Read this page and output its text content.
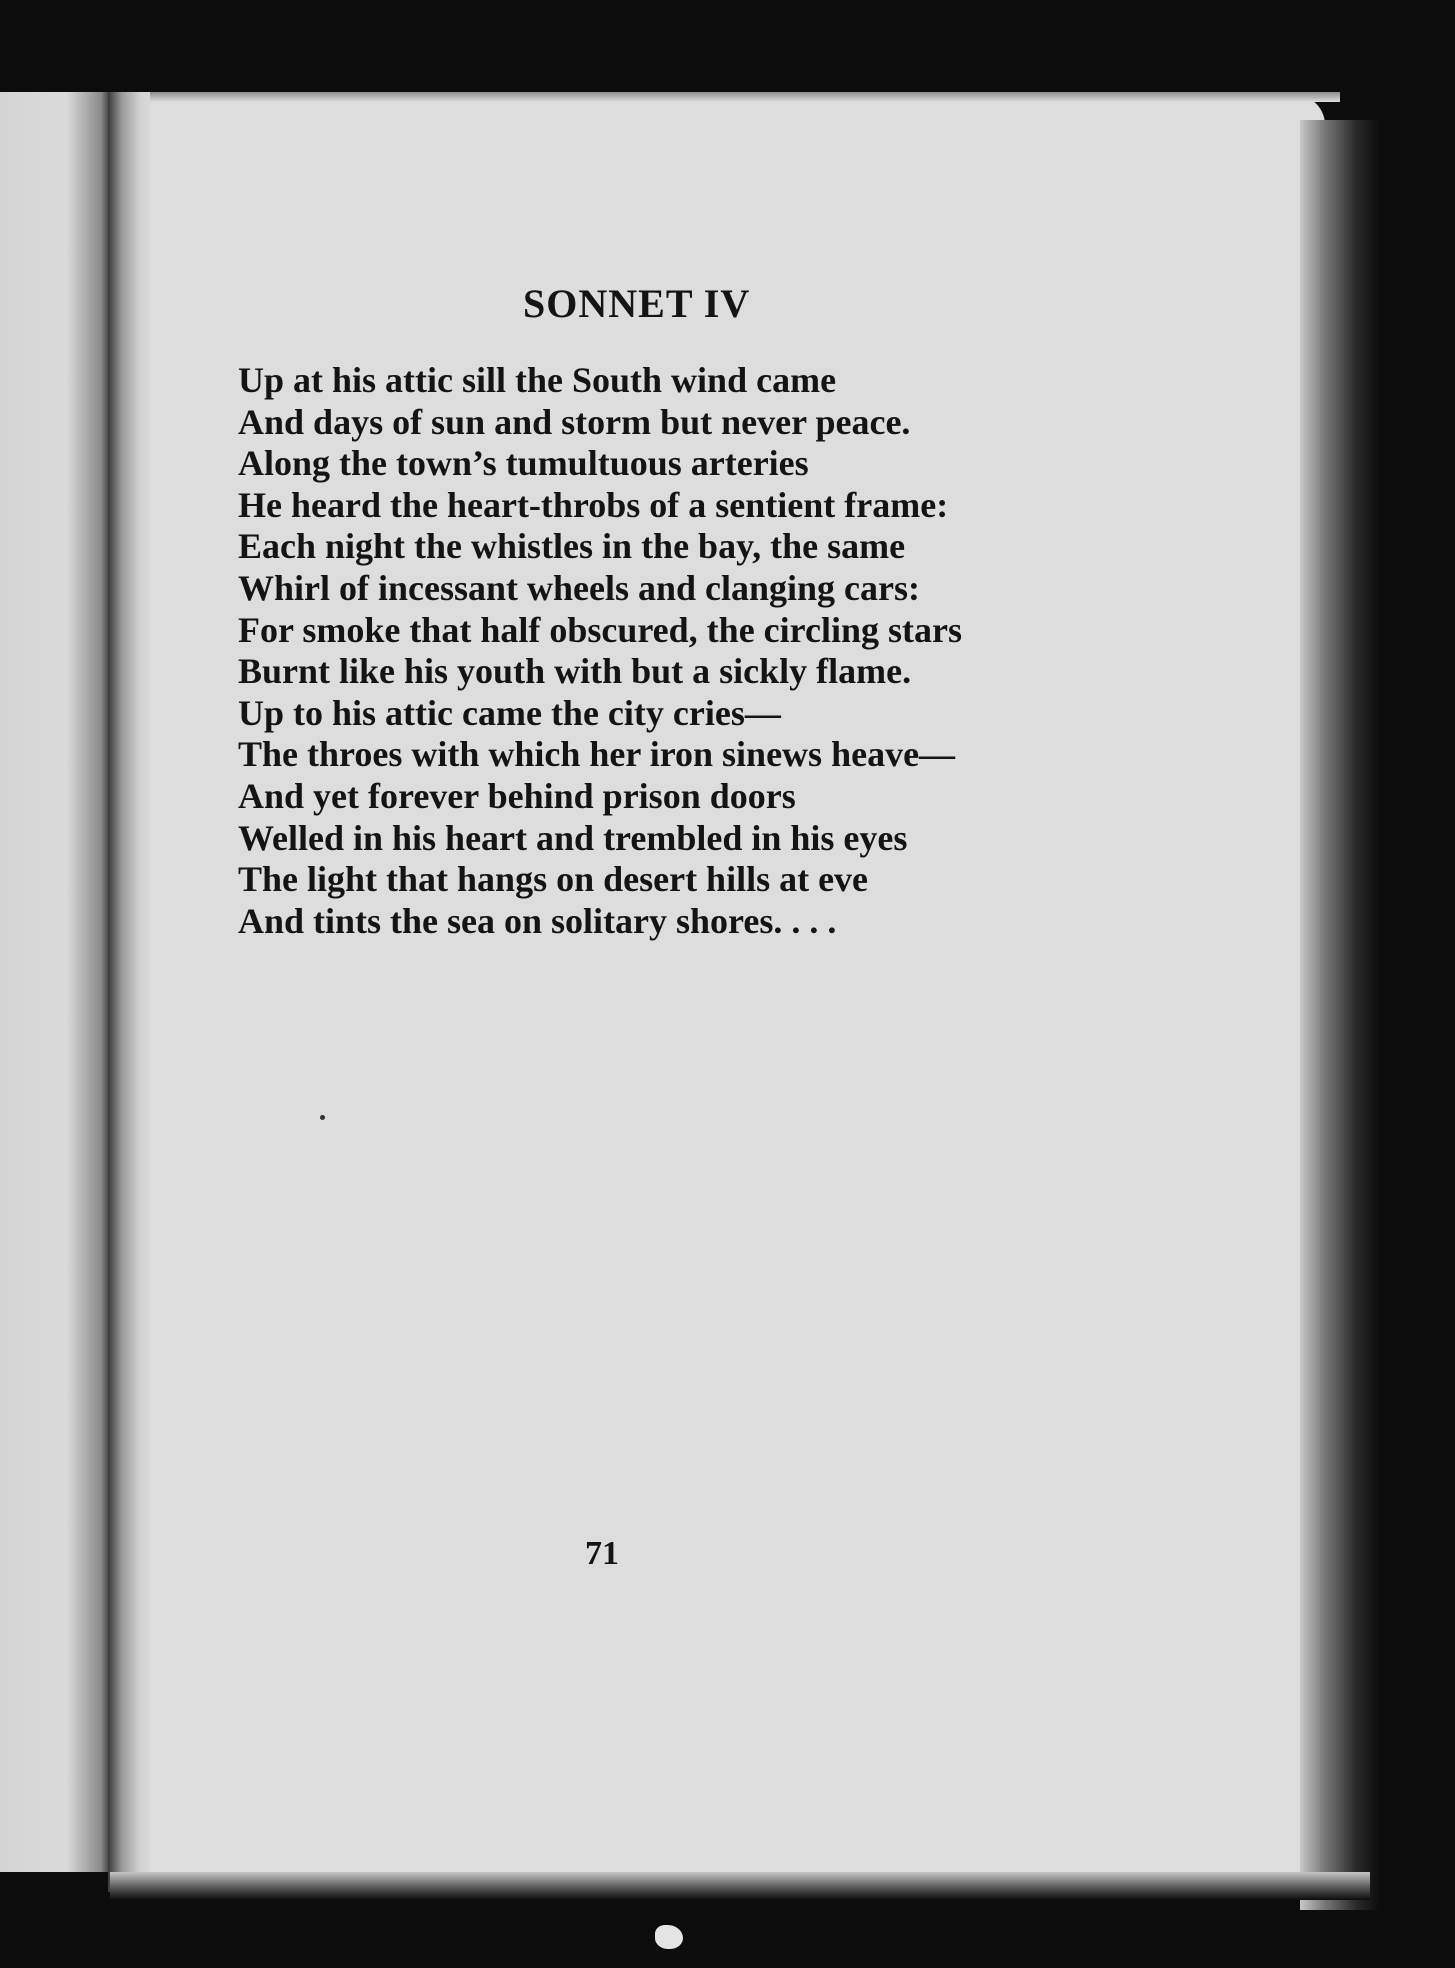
SONNET IV
Up at his attic sill the South wind came
And days of sun and storm but never peace.
Along the town’s tumultuous arteries
He heard the heart-throbs of a sentient frame:
Each night the whistles in the bay, the same
Whirl of incessant wheels and clanging cars:
For smoke that half obscured, the circling stars
Burnt like his youth with but a sickly flame.
Up to his attic came the city cries—
The throes with which her iron sinews heave—
And yet forever behind prison doors
Welled in his heart and trembled in his eyes
The light that hangs on desert hills at eve
And tints the sea on solitary shores. . . .

71
